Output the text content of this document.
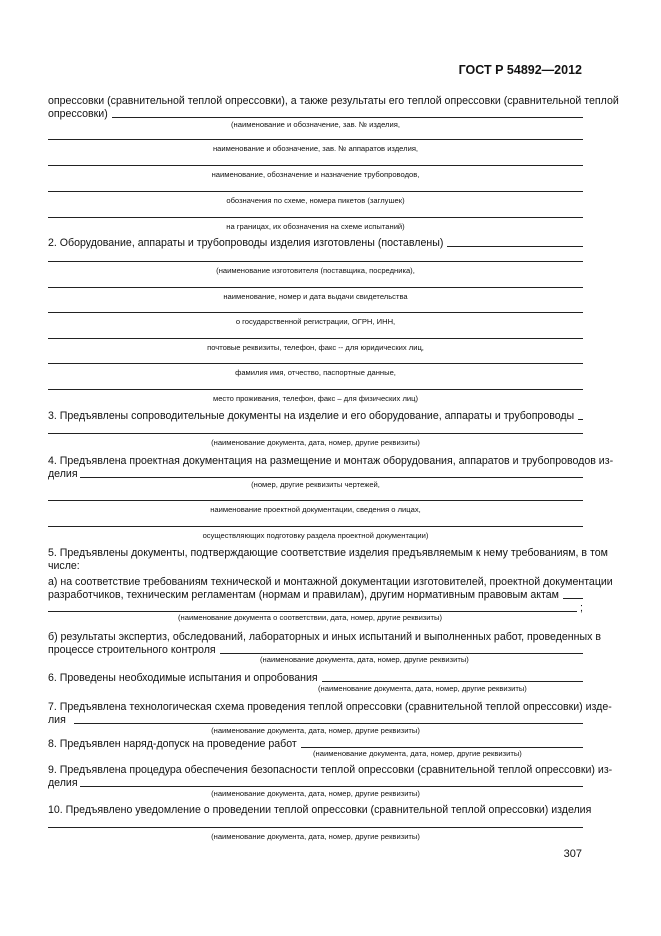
ГОСТ Р 54892—2012
опрессовки (сравнительной теплой опрессовки), а также результаты его теплой опрессовки (сравнительной теплой
опрессовки)
(наименование и обозначение, зав. № изделия,
наименование и обозначение, зав. № аппаратов изделия,
наименование, обозначение и назначение трубопроводов,
обозначения по схеме, номера пикетов (заглушек)
на границах, их обозначения на схеме испытаний)
2. Оборудование, аппараты и трубопроводы изделия изготовлены (поставлены)
(наименование изготовителя (поставщика, посредника),
наименование, номер и дата выдачи свидетельства
о государственной регистрации, ОГРН, ИНН,
почтовые реквизиты, телефон, факс -- для юридических лиц,
фамилия имя, отчество, паспортные данные,
место проживания, телефон, факс – для физических лиц)
3. Предъявлены сопроводительные документы на изделие и его оборудование, аппараты и трубопроводы
(наименование документа, дата, номер, другие реквизиты)
4. Предъявлена проектная документация на размещение и монтаж оборудования, аппаратов и трубопроводов из-
делия
(номер, другие реквизиты чертежей,
наименование проектной документации, сведения о лицах,
осуществляющих подготовку раздела проектной документации)
5. Предъявлены документы, подтверждающие соответствие изделия предъявляемым к нему требованиям, в том
числе:
а) на соответствие требованиям технической и монтажной документации изготовителей, проектной документации
разработчиков, техническим регламентам (нормам и правилам), другим нормативным правовым актам
;
(наименование документа о соответствии, дата, номер, другие реквизиты)
б) результаты экспертиз, обследований, лабораторных и иных испытаний и выполненных работ, проведенных в
процессе строительного контроля
(наименование документа, дата, номер, другие реквизиты)
6. Проведены необходимые испытания и опробования
(наименование документа, дата, номер, другие реквизиты)
7. Предъявлена технологическая схема проведения теплой опрессовки (сравнительной теплой опрессовки) изде-
лия
(наименование документа, дата, номер, другие реквизиты)
8. Предъявлен наряд-допуск на проведение работ
(наименование документа, дата, номер, другие реквизиты)
9. Предъявлена процедура обеспечения безопасности теплой опрессовки (сравнительной теплой опрессовки) из-
делия
(наименование документа, дата, номер, другие реквизиты)
10. Предъявлено уведомление о проведении теплой опрессовки (сравнительной теплой опрессовки) изделия
(наименование документа, дата, номер, другие реквизиты)
307
